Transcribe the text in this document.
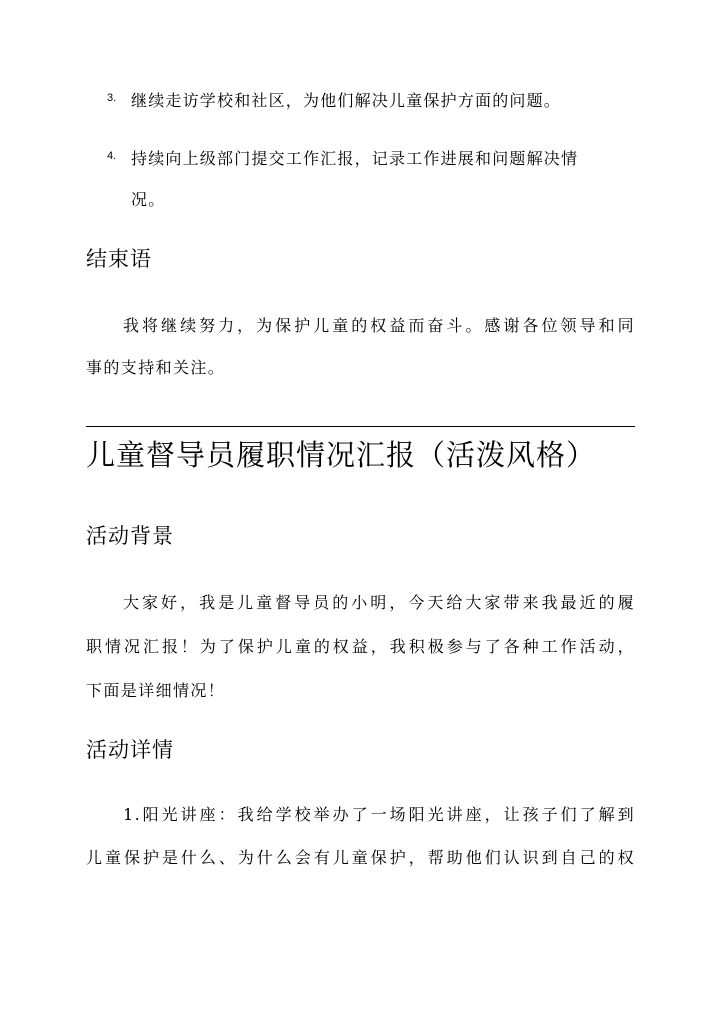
3. 继续走访学校和社区，为他们解决儿童保护方面的问题。
4. 持续向上级部门提交工作汇报，记录工作进展和问题解决情
况。
结束语
我将继续努力，为保护儿童的权益而奋斗。感谢各位领导和同
事的支持和关注。
儿童督导员履职情况汇报（活泼风格）
活动背景
大家好，我是儿童督导员的小明，今天给大家带来我最近的履
职情况汇报！为了保护儿童的权益，我积极参与了各种工作活动，
下面是详细情况！
活动详情
1.阳光讲座：我给学校举办了一场阳光讲座，让孩子们了解到
儿童保护是什么、为什么会有儿童保护，帮助他们认识到自己的权
